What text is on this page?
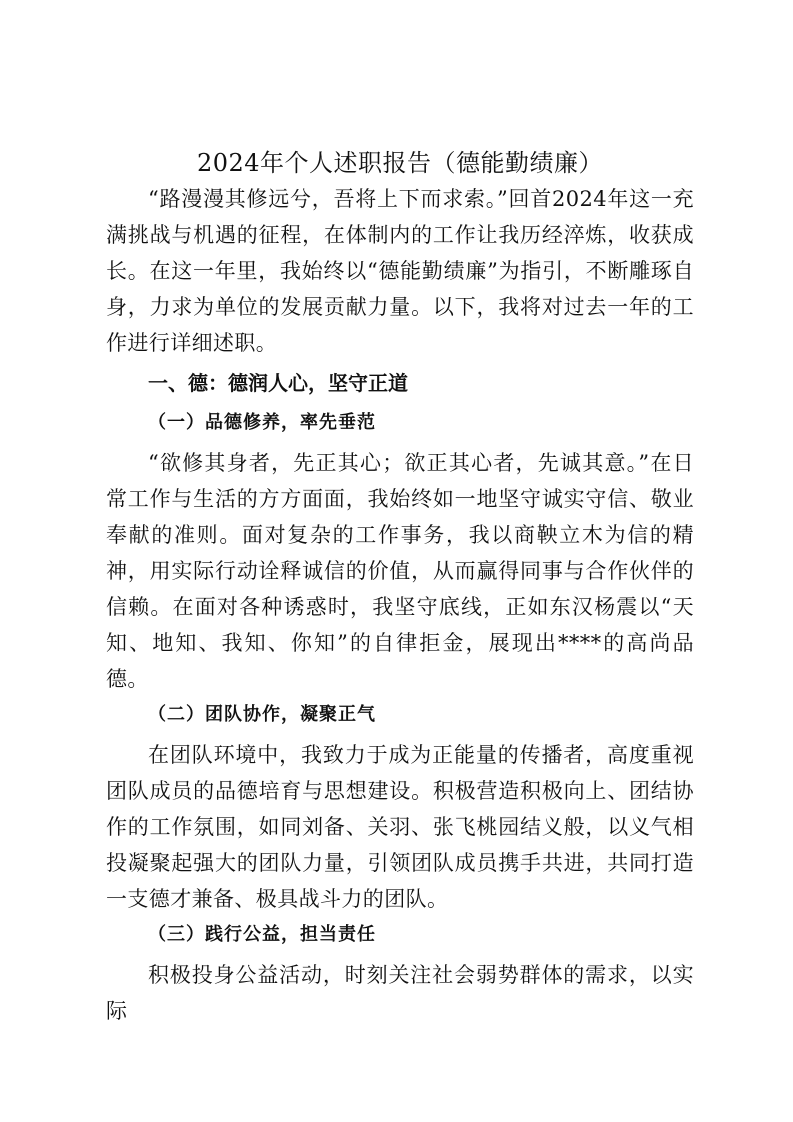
2024年个人述职报告（德能勤绩廉）

“路漫漫其修远兮，吾将上下而求索。”回首2024年这一充满挑战与机遇的征程，在体制内的工作让我历经淬炼，收获成长。在这一年里，我始终以“德能勤绩廉”为指引，不断雕琢自身，力求为单位的发展贡献力量。以下，我将对过去一年的工作进行详细述职。

一、德：德润人心，坚守正道

（一）品德修养，率先垂范

“欲修其身者，先正其心；欲正其心者，先诚其意。”在日常工作与生活的方方面面，我始终如一地坚守诚实守信、敬业奉献的准则。面对复杂的工作事务，我以商鞅立木为信的精神，用实际行动诠释诚信的价值，从而赢得同事与合作伙伴的信赖。在面对各种诱惑时，我坚守底线，正如东汉杨震以“天知、地知、我知、你知”的自律拒金，展现出****的高尚品德。

（二）团队协作，凝聚正气

在团队环境中，我致力于成为正能量的传播者，高度重视团队成员的品德培育与思想建设。积极营造积极向上、团结协作的工作氛围，如同刘备、关羽、张飞桃园结义般，以义气相投凝聚起强大的团队力量，引领团队成员携手共进，共同打造一支德才兼备、极具战斗力的团队。

（三）践行公益，担当责任

积极投身公益活动，时刻关注社会弱势群体的需求，以实际
